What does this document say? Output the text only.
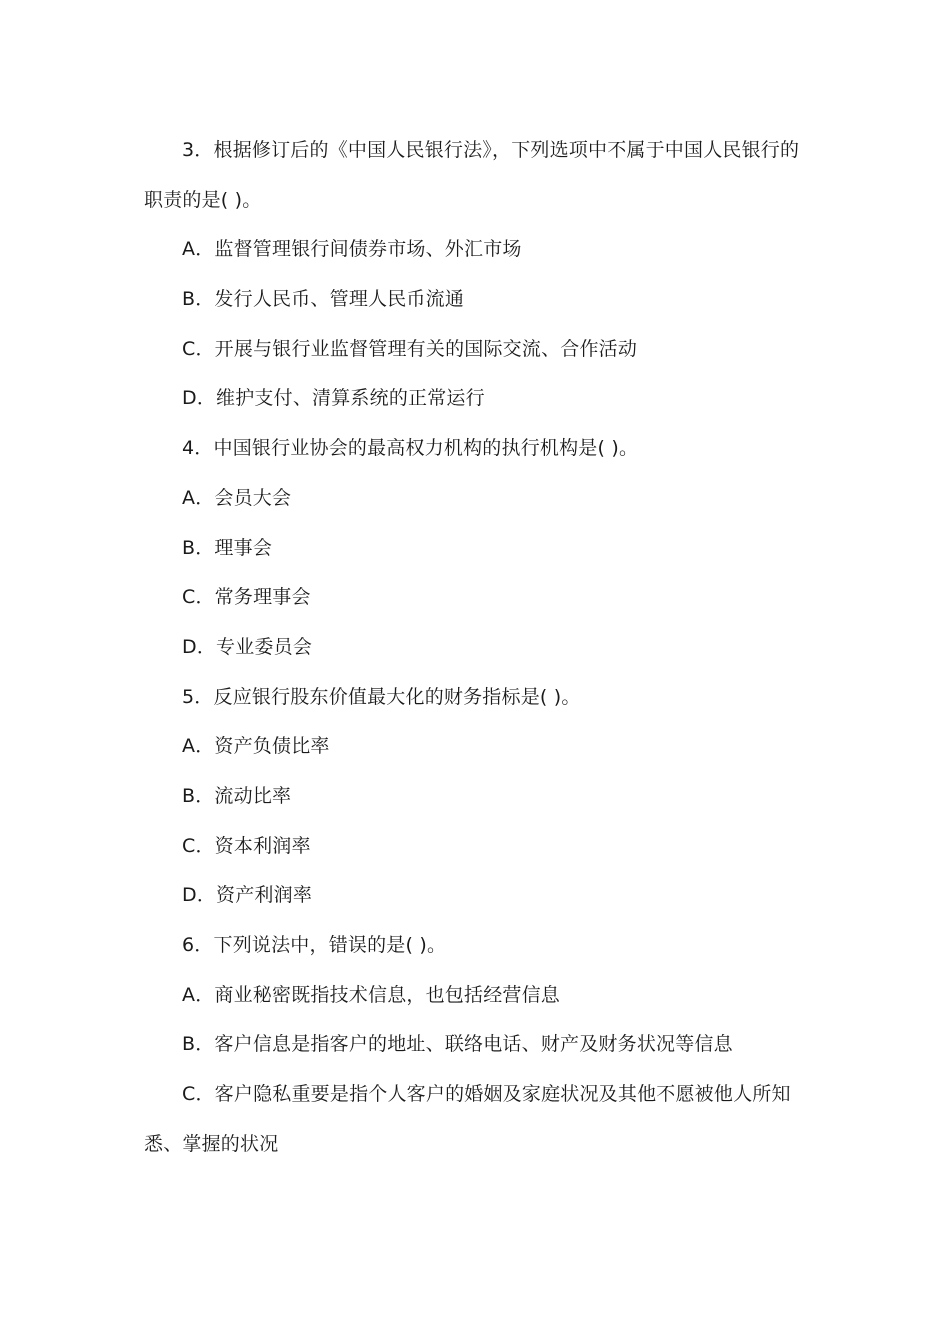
3．根据修订后的《中国人民银行法》，下列选项中不属于中国人民银行的
职责的是( )。
A．监督管理银行间债券市场、外汇市场
B．发行人民币、管理人民币流通
C．开展与银行业监督管理有关的国际交流、合作活动
D．维护支付、清算系统的正常运行
4．中国银行业协会的最高权力机构的执行机构是( )。
A．会员大会
B．理事会
C．常务理事会
D．专业委员会
5．反应银行股东价值最大化的财务指标是( )。
A．资产负债比率
B．流动比率
C．资本利润率
D．资产利润率
6．下列说法中，错误的是( )。
A．商业秘密既指技术信息，也包括经营信息
B．客户信息是指客户的地址、联络电话、财产及财务状况等信息
C．客户隐私重要是指个人客户的婚姻及家庭状况及其他不愿被他人所知
悉、掌握的状况
